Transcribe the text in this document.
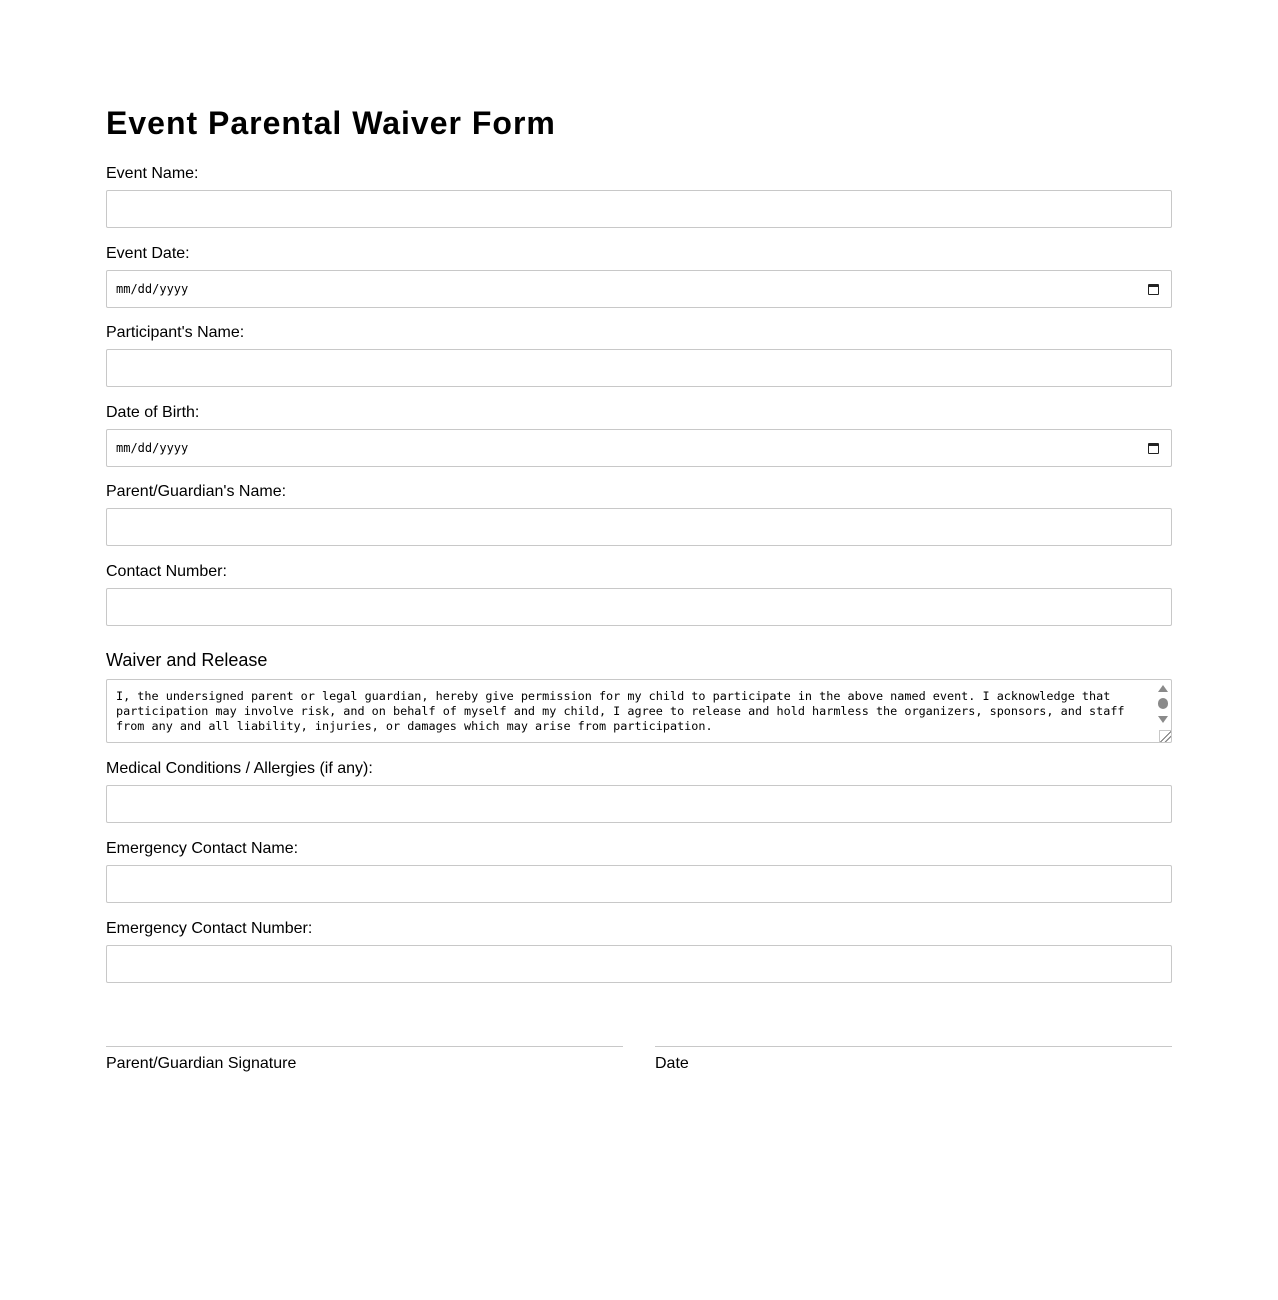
Event Parental Waiver Form
Event Name:
Event Date:
mm/dd/yyyy
Participant's Name:
Date of Birth:
mm/dd/yyyy
Parent/Guardian's Name:
Contact Number:
Waiver and Release
I, the undersigned parent or legal guardian, hereby give permission for my child to participate in the above named event. I acknowledge that participation may involve risk, and on behalf of myself and my child, I agree to release and hold harmless the organizers, sponsors, and staff from any and all liability, injuries, or damages which may arise from participation.
Medical Conditions / Allergies (if any):
Emergency Contact Name:
Emergency Contact Number:
Parent/Guardian Signature	Date
